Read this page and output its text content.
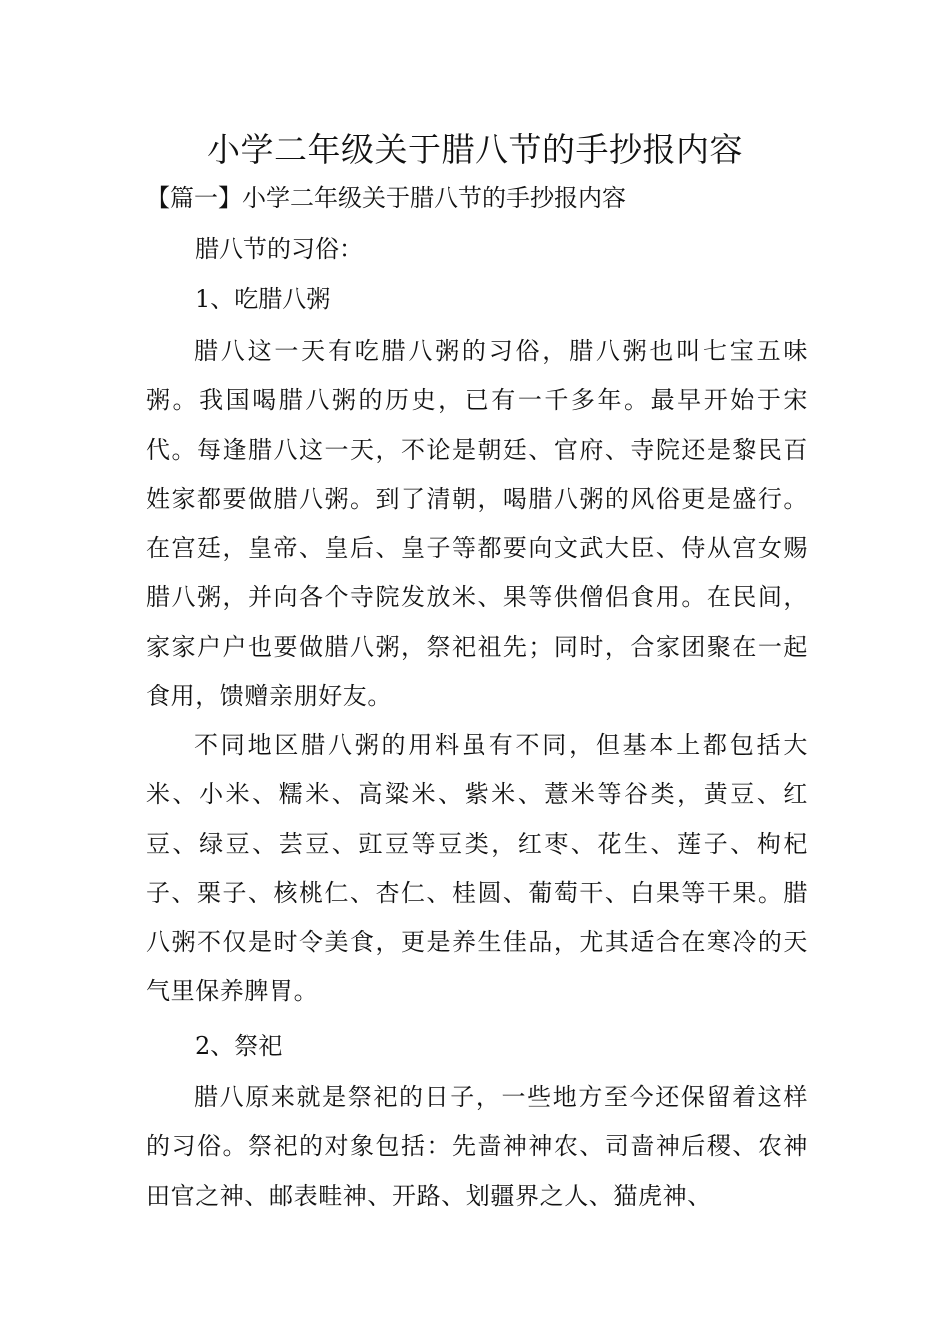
小学二年级关于腊八节的手抄报内容

【篇一】小学二年级关于腊八节的手抄报内容

腊八节的习俗：

1、吃腊八粥

腊八这一天有吃腊八粥的习俗，腊八粥也叫七宝五味粥。我国喝腊八粥的历史，已有一千多年。最早开始于宋代。每逢腊八这一天，不论是朝廷、官府、寺院还是黎民百姓家都要做腊八粥。到了清朝，喝腊八粥的风俗更是盛行。在宫廷，皇帝、皇后、皇子等都要向文武大臣、侍从宫女赐腊八粥，并向各个寺院发放米、果等供僧侣食用。在民间，家家户户也要做腊八粥，祭祀祖先；同时，合家团聚在一起食用，馈赠亲朋好友。

不同地区腊八粥的用料虽有不同，但基本上都包括大米、小米、糯米、高粱米、紫米、薏米等谷类，黄豆、红豆、绿豆、芸豆、豇豆等豆类，红枣、花生、莲子、枸杞子、栗子、核桃仁、杏仁、桂圆、葡萄干、白果等干果。腊八粥不仅是时令美食，更是养生佳品，尤其适合在寒冷的天气里保养脾胃。

2、祭祀

腊八原来就是祭祀的日子，一些地方至今还保留着这样的习俗。祭祀的对象包括：先啬神神农、司啬神后稷、农神田官之神、邮表畦神、开路、划疆界之人、猫虎神、
